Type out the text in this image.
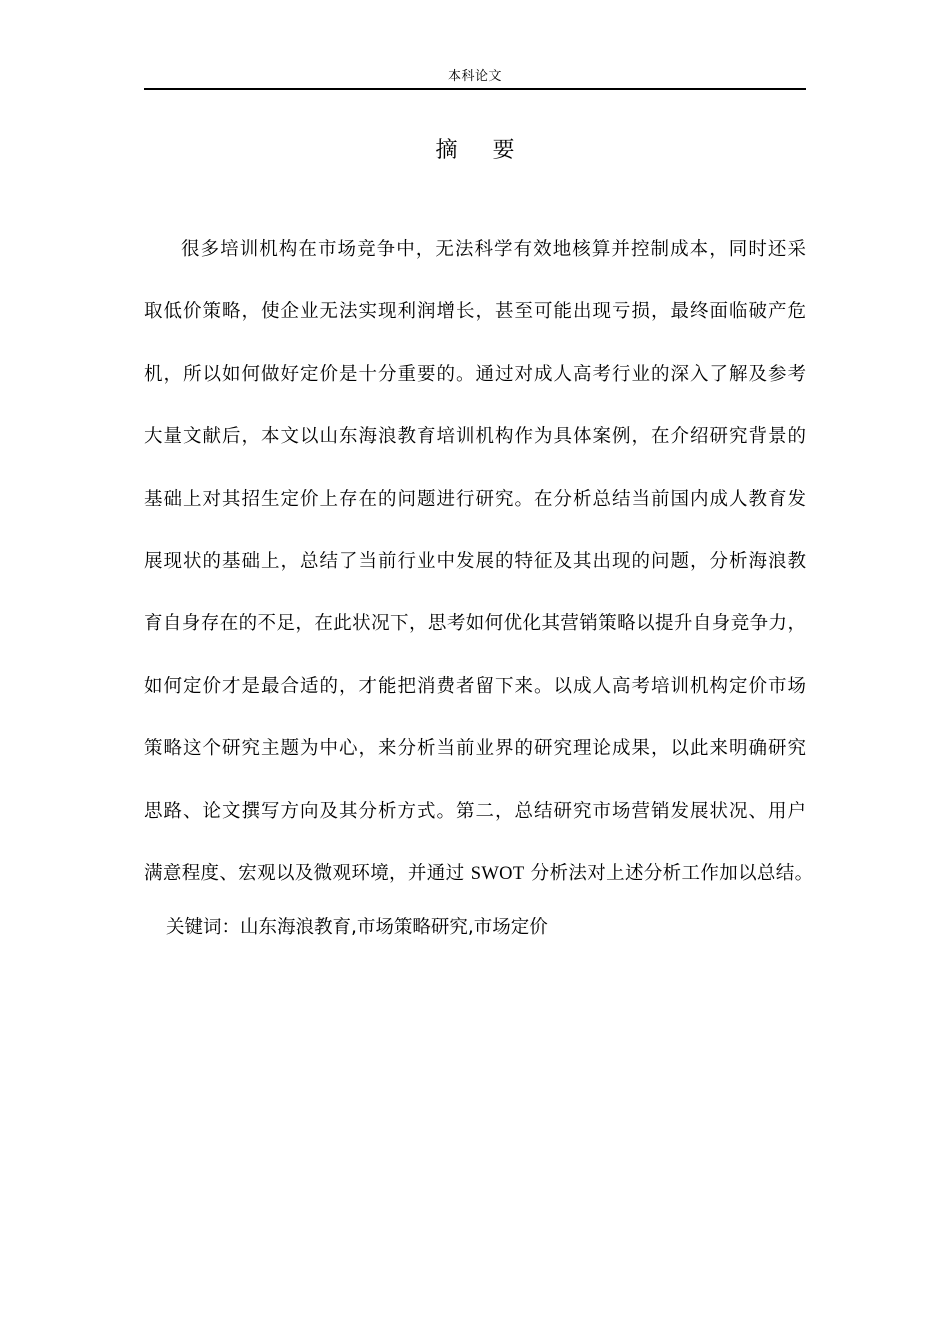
本科论文
摘 要
很多培训机构在市场竞争中，无法科学有效地核算并控制成本，同时还采
取低价策略，使企业无法实现利润增长，甚至可能出现亏损，最终面临破产危
机，所以如何做好定价是十分重要的。通过对成人高考行业的深入了解及参考
大量文献后，本文以山东海浪教育培训机构作为具体案例，在介绍研究背景的
基础上对其招生定价上存在的问题进行研究。在分析总结当前国内成人教育发
展现状的基础上，总结了当前行业中发展的特征及其出现的问题，分析海浪教
育自身存在的不足，在此状况下，思考如何优化其营销策略以提升自身竞争力，
如何定价才是最合适的，才能把消费者留下来。以成人高考培训机构定价市场
策略这个研究主题为中心，来分析当前业界的研究理论成果，以此来明确研究
思路、论文撰写方向及其分析方式。第二，总结研究市场营销发展状况、用户
满意程度、宏观以及微观环境，并通过 SWOT 分析法对上述分析工作加以总结。
关键词：山东海浪教育,市场策略研究,市场定价
